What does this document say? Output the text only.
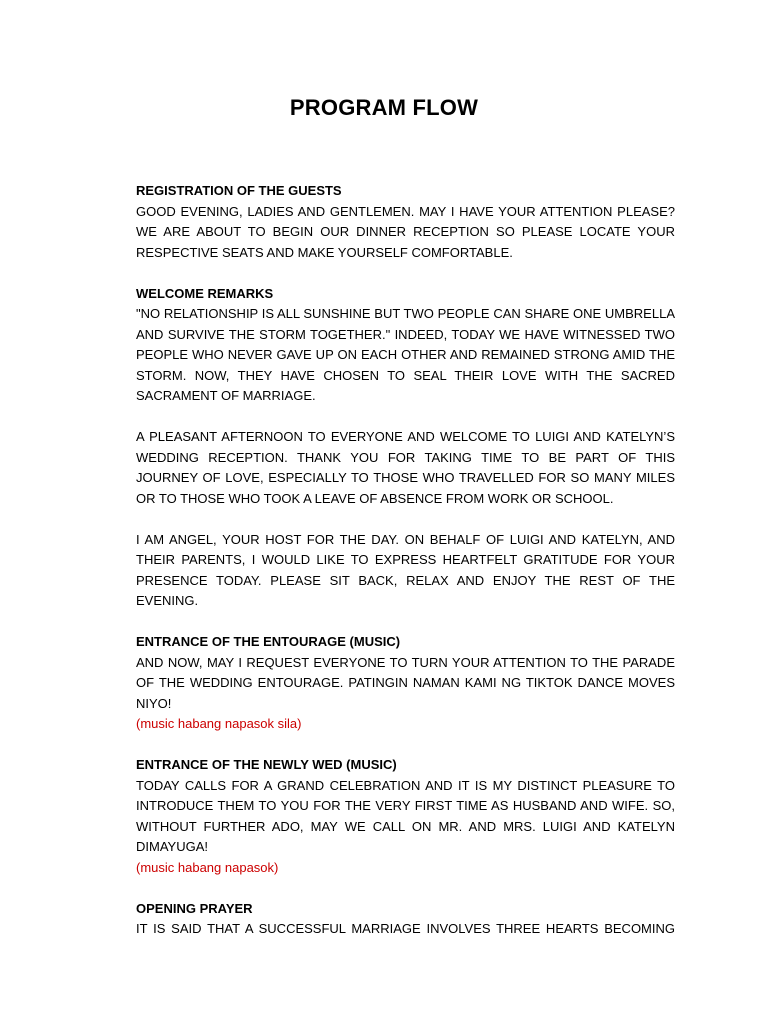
PROGRAM FLOW

REGISTRATION OF THE GUESTS

GOOD EVENING, LADIES AND GENTLEMEN. MAY I HAVE YOUR ATTENTION PLEASE? WE ARE ABOUT TO BEGIN OUR DINNER RECEPTION SO PLEASE LOCATE YOUR RESPECTIVE SEATS AND MAKE YOURSELF COMFORTABLE.

WELCOME REMARKS

"NO RELATIONSHIP IS ALL SUNSHINE BUT TWO PEOPLE CAN SHARE ONE UMBRELLA AND SURVIVE THE STORM TOGETHER." INDEED, TODAY WE HAVE WITNESSED TWO PEOPLE WHO NEVER GAVE UP ON EACH OTHER AND REMAINED STRONG AMID THE STORM. NOW, THEY HAVE CHOSEN TO SEAL THEIR LOVE WITH THE SACRED SACRAMENT OF MARRIAGE.

A PLEASANT AFTERNOON TO EVERYONE AND WELCOME TO LUIGI AND KATELYN’S WEDDING RECEPTION. THANK YOU FOR TAKING TIME TO BE PART OF THIS JOURNEY OF LOVE, ESPECIALLY TO THOSE WHO TRAVELLED FOR SO MANY MILES OR TO THOSE WHO TOOK A LEAVE OF ABSENCE FROM WORK OR SCHOOL.

I AM ANGEL, YOUR HOST FOR THE DAY. ON BEHALF OF LUIGI AND KATELYN, AND THEIR PARENTS, I WOULD LIKE TO EXPRESS HEARTFELT GRATITUDE FOR YOUR PRESENCE TODAY. PLEASE SIT BACK, RELAX AND ENJOY THE REST OF THE EVENING.

ENTRANCE OF THE ENTOURAGE (MUSIC)

AND NOW, MAY I REQUEST EVERYONE TO TURN YOUR ATTENTION TO THE PARADE OF THE WEDDING ENTOURAGE. PATINGIN NAMAN KAMI NG TIKTOK DANCE MOVES NIYO!

(music habang napasok sila)

ENTRANCE OF THE NEWLY WED (MUSIC)

TODAY CALLS FOR A GRAND CELEBRATION AND IT IS MY DISTINCT PLEASURE TO INTRODUCE THEM TO YOU FOR THE VERY FIRST TIME AS HUSBAND AND WIFE. SO, WITHOUT FURTHER ADO, MAY WE CALL ON MR. AND MRS. LUIGI AND KATELYN DIMAYUGA!

(music habang napasok)

OPENING PRAYER

IT IS SAID THAT A SUCCESSFUL MARRIAGE INVOLVES THREE HEARTS BECOMING
